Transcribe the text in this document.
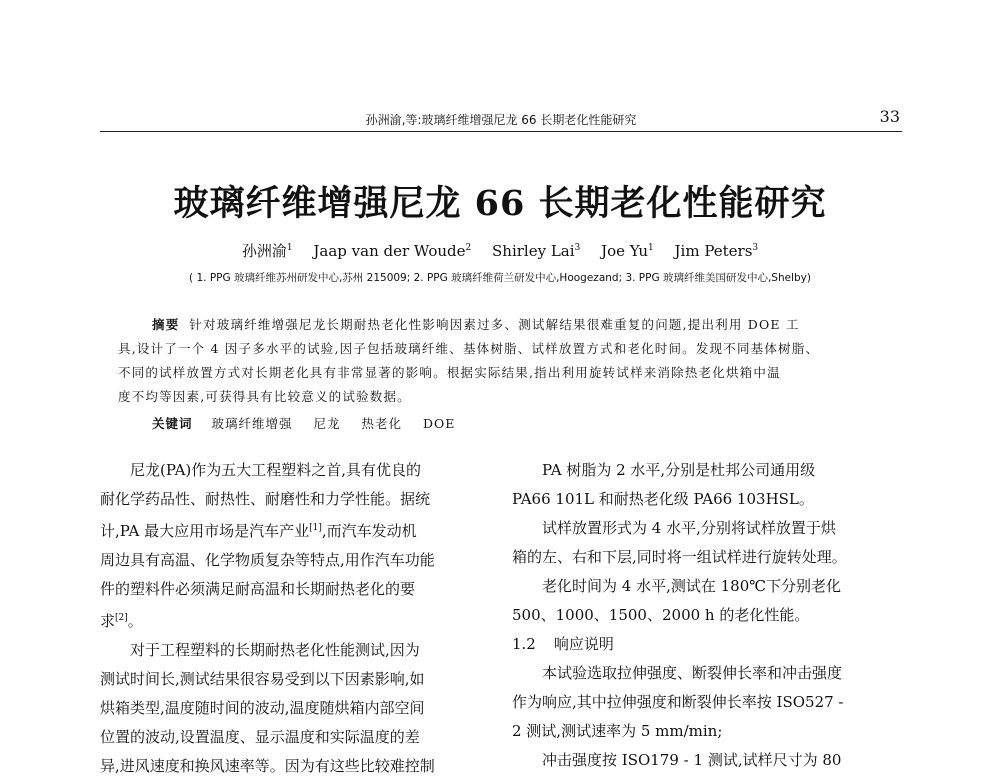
孙洲渝,等:玻璃纤维增强尼龙 66 长期老化性能研究	33
玻璃纤维增强尼龙 66 长期老化性能研究
孙洲渝$^1$ Jaap van der Woude$^2$ Shirley Lai$^3$ Joe Yu$^1$ Jim Peters$^3$
( 1. PPG 玻璃纤维苏州研发中心,苏州 215009; 2. PPG 玻璃纤维荷兰研发中心,Hoogezand; 3. PPG 玻璃纤维美国研发中心,Shelby)
摘要 针对玻璃纤维增强尼龙长期耐热老化性影响因素过多、测试解结果很难重复的问题,提出利用 DOE 工
具,设计了一个 4 因子多水平的试验,因子包括玻璃纤维、基体树脂、试样放置方式和老化时间。发现不同基体树脂、
不同的试样放置方式对长期老化具有非常显著的影响。根据实际结果,指出利用旋转试样来消除热老化烘箱中温
度不均等因素,可获得具有比较意义的试验数据。
关键词 玻璃纤维增强 尼龙 热老化 DOE
尼龙(PA)作为五大工程塑料之首,具有优良的
耐化学药品性、耐热性、耐磨性和力学性能。据统
计,PA 最大应用市场是汽车产业[1],而汽车发动机
周边具有高温、化学物质复杂等特点,用作汽车功能
件的塑料件必须满足耐高温和长期耐热老化的要
求[2]。
对于工程塑料的长期耐热老化性能测试,因为
测试时间长,测试结果很容易受到以下因素影响,如
烘箱类型,温度随时间的波动,温度随烘箱内部空间
位置的波动,设置温度、显示温度和实际温度的差
异,进风速度和换风速率等。因为有这些比较难控制
PA 树脂为 2 水平,分别是杜邦公司通用级
PA66 101L 和耐热老化级 PA66 103HSL。
试样放置形式为 4 水平,分别将试样放置于烘
箱的左、右和下层,同时将一组试样进行旋转处理。
老化时间为 4 水平,测试在 180℃下分别老化
500、1000、1500、2000 h 的老化性能。
1.2 响应说明
本试验选取拉伸强度、断裂伸长率和冲击强度
作为响应,其中拉伸强度和断裂伸长率按 ISO527 -
2 测试,测试速率为 5 mm/min;
冲击强度按 ISO179 - 1 测试,试样尺寸为 80
